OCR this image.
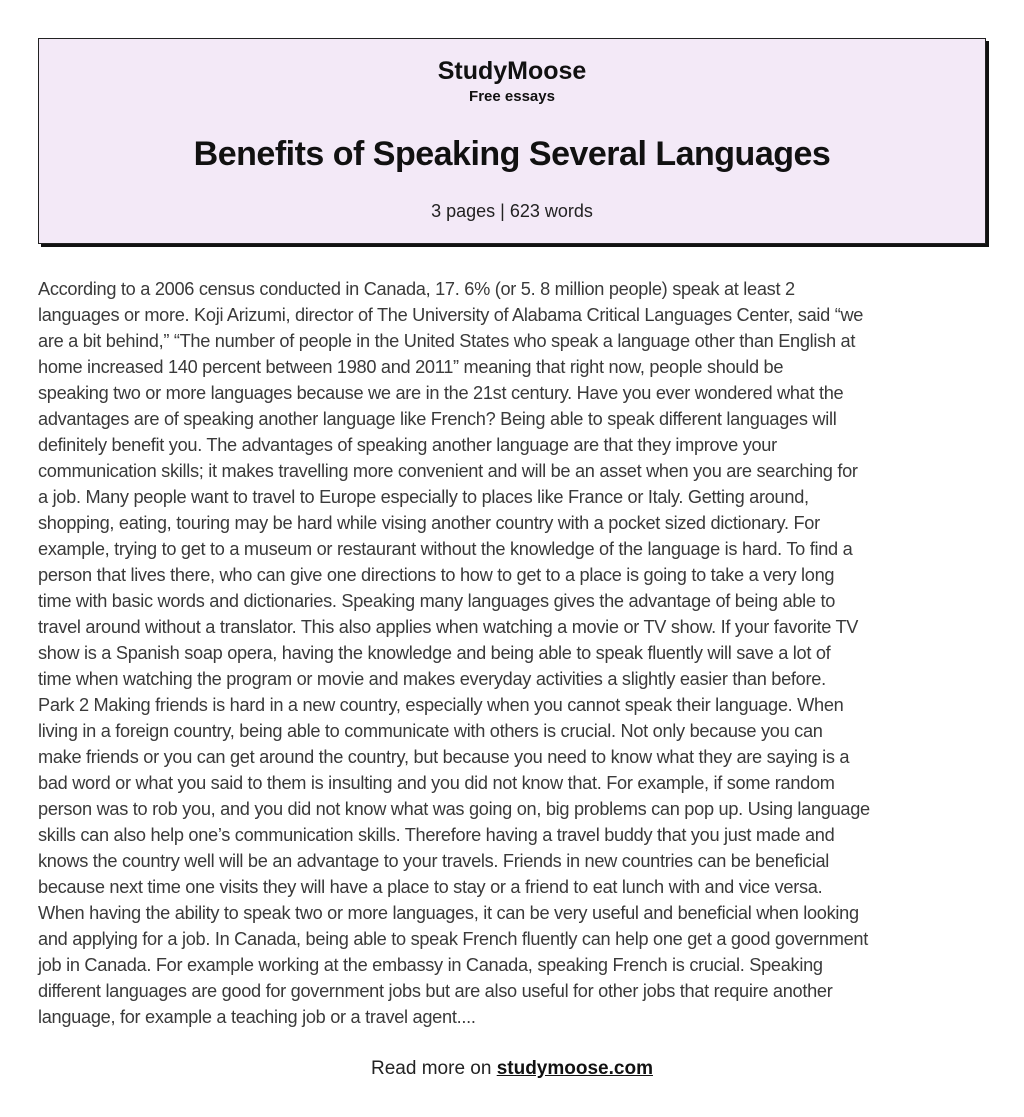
StudyMoose
Free essays
Benefits of Speaking Several Languages
3 pages | 623 words
According to a 2006 census conducted in Canada, 17. 6% (or 5. 8 million people) speak at least 2
languages or more. Koji Arizumi, director of The University of Alabama Critical Languages Center, said “we
are a bit behind,” “The number of people in the United States who speak a language other than English at
home increased 140 percent between 1980 and 2011” meaning that right now, people should be
speaking two or more languages because we are in the 21st century. Have you ever wondered what the
advantages are of speaking another language like French? Being able to speak different languages will
definitely benefit you. The advantages of speaking another language are that they improve your
communication skills; it makes travelling more convenient and will be an asset when you are searching for
a job. Many people want to travel to Europe especially to places like France or Italy. Getting around,
shopping, eating, touring may be hard while vising another country with a pocket sized dictionary. For
example, trying to get to a museum or restaurant without the knowledge of the language is hard. To find a
person that lives there, who can give one directions to how to get to a place is going to take a very long
time with basic words and dictionaries. Speaking many languages gives the advantage of being able to
travel around without a translator. This also applies when watching a movie or TV show. If your favorite TV
show is a Spanish soap opera, having the knowledge and being able to speak fluently will save a lot of
time when watching the program or movie and makes everyday activities a slightly easier than before.
Park 2 Making friends is hard in a new country, especially when you cannot speak their language. When
living in a foreign country, being able to communicate with others is crucial. Not only because you can
make friends or you can get around the country, but because you need to know what they are saying is a
bad word or what you said to them is insulting and you did not know that. For example, if some random
person was to rob you, and you did not know what was going on, big problems can pop up. Using language
skills can also help one’s communication skills. Therefore having a travel buddy that you just made and
knows the country well will be an advantage to your travels. Friends in new countries can be beneficial
because next time one visits they will have a place to stay or a friend to eat lunch with and vice versa.
When having the ability to speak two or more languages, it can be very useful and beneficial when looking
and applying for a job. In Canada, being able to speak French fluently can help one get a good government
job in Canada. For example working at the embassy in Canada, speaking French is crucial. Speaking
different languages are good for government jobs but are also useful for other jobs that require another
language, for example a teaching job or a travel agent....
Read more on studymoose.com
